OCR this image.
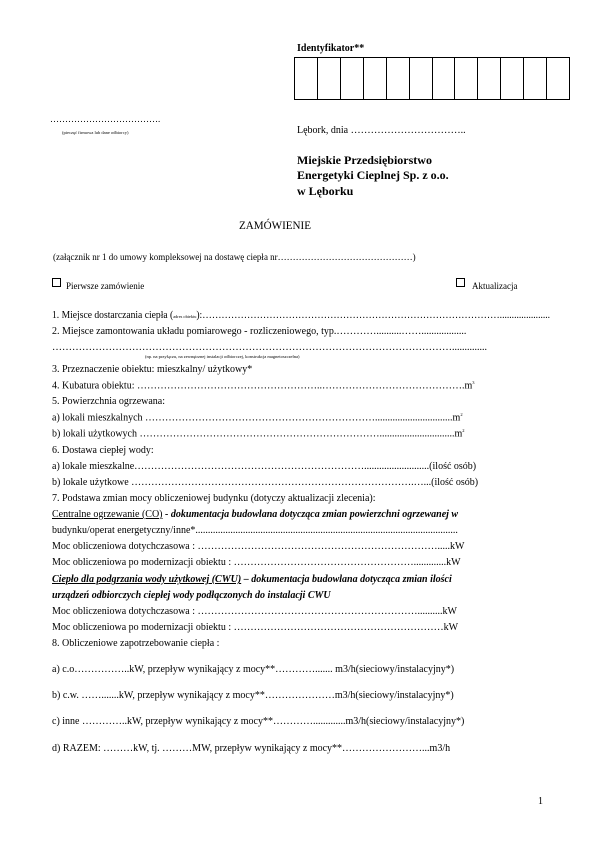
Identyfikator**
……………………………….
(pieczęć firmowa lub dane odbiorcy)	Lębork, dnia ……………………………..
Miejskie Przedsiębiorstwo
Energetyki Cieplnej Sp. z o.o.
w Lęborku
ZAMÓWIENIE
(załącznik nr 1 do umowy kompleksowej na dostawę ciepła nr………………………………………)
Pierwsze zamówienie	Aktualizacja
1. Miejsce dostarczania ciepła (adres obiektu):………………………………………………………………………………….....................
2. Miejsce zamontowania układu pomiarowego - rozliczeniowego, typ.…………..........……..................
…………………………………………………………………………………………………………..............
(np. na przyłączu, na zewnętrznej instalacji odbiorczej, konstrukcja magnetoszczelna)
3. Przeznaczenie obiektu: mieszkalny/ użytkowy*
4. Kubatura obiektu: $\dots\dots\dots\dots\dots\dots\dots\dots\dots\dots\dots\dots\dots\dots\dots\dots\dots\dots..\dots\dots\dots\dots\dots\dots\dots\dots\dots\dots\dots\dots\dots\dots.m^3$
5. Powierzchnia ogrzewana:
a) lokali mieszkalnych $\dots\dots\dots\dots\dots\dots\dots\dots\dots\dots\dots\dots\dots\dots\dots\dots\dots\dots\dots\dots\dots\dots\dots...............................m^2$
b) lokali użytkowych $\dots\dots\dots\dots\dots\dots\dots\dots\dots\dots\dots\dots\dots\dots\dots\dots\dots\dots\dots\dots\dots\dots\dots\dots..............................m^2$
6. Dostawa ciepłej wody:
a) lokale mieszkalne……………………………………………………………..........................(ilość osób)
b) lokale użytkowe ………………………………………………………………………….…...(ilość osób)
7. Podstawa zmian mocy obliczeniowej budynku (dotyczy aktualizacji zlecenia):
Centralne ogrzewanie (CO) - dokumentacja budowlana dotycząca zmian powierzchni ogrzewanej w
budynku/operat energetyczny/inne*.........................................................................................................
Moc obliczeniowa dotychczasowa : ……………………………………………………………….....kW
Moc obliczeniowa po modernizacji obiektu : ……………………………………………….............kW
Ciepło dla podgrzania wody użytkowej (CWU) – dokumentacja budowlana dotycząca zmian ilości
urządzeń odbiorczych ciepłej wody podłączonych do instalacji CWU
Moc obliczeniowa dotychczasowa : …………………………………………………………..........kW
Moc obliczeniowa po modernizacji obiektu : ………………………………………………………kW
8. Obliczeniowe zapotrzebowanie ciepła :
a) c.o……………..kW, przepływ wynikający z mocy**…………....... m3/h(sieciowy/instalacyjny*)
b) c.w. …….......kW, przepływ wynikający z mocy**…………………m3/h(sieciowy/instalacyjny*)
c) inne …………..kW, przepływ wynikający z mocy**………….............m3/h(sieciowy/instalacyjny*)
d) RAZEM: ………kW, tj. ………MW, przepływ wynikający z mocy**……………………...m3/h
1
